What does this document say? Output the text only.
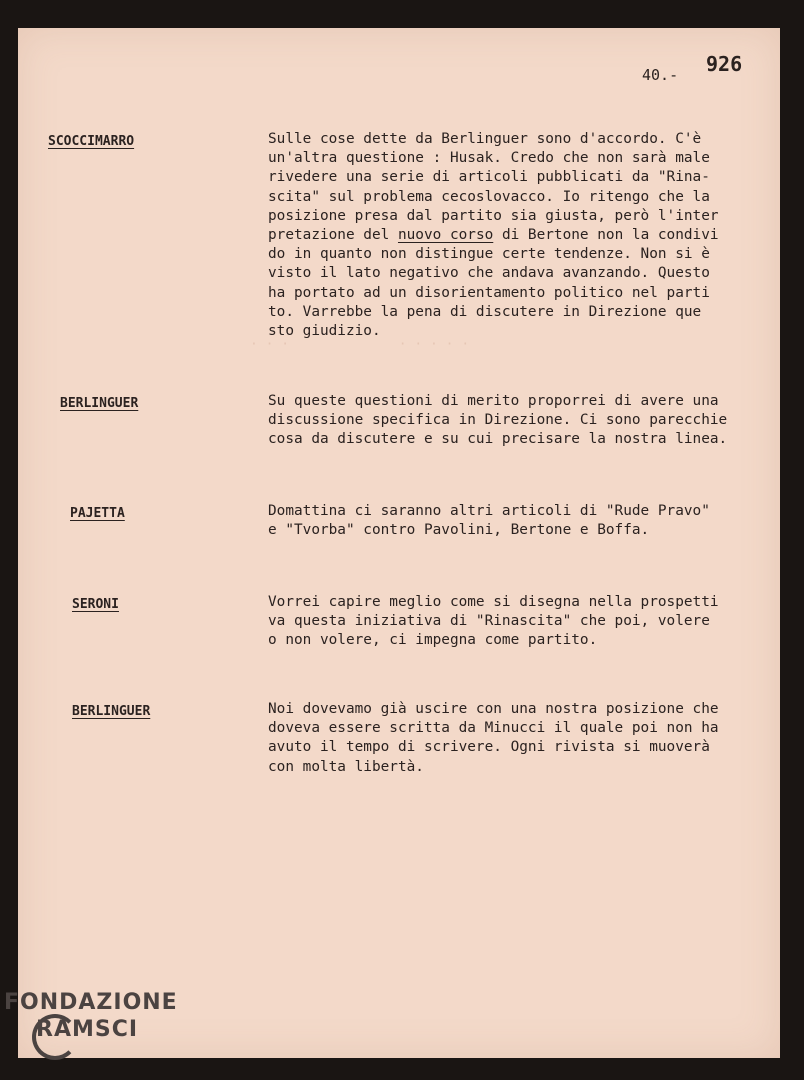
· · ·              · · · · ·
40.- 926
SCOCCIMARRO	Sulle cose dette da Berlinguer sono d'accordo. C'è
un'altra questione : Husak. Credo che non sarà male
rivedere una serie di articoli pubblicati da "Rina-
scita" sul problema cecoslovacco. Io ritengo che la
posizione presa dal partito sia giusta, però l'inter
pretazione del nuovo corso di Bertone non la condivi
do in quanto non distingue certe tendenze. Non si è
visto il lato negativo che andava avanzando. Questo
ha portato ad un disorientamento politico nel parti
to. Varrebbe la pena di discutere in Direzione que
sto giudizio.
BERLINGUER	Su queste questioni di merito proporrei di avere una
discussione specifica in Direzione. Ci sono parecchie
cosa da discutere e su cui precisare la nostra linea.
PAJETTA	Domattina ci saranno altri articoli di "Rude Pravo"
e "Tvorba" contro Pavolini, Bertone e Boffa.
SERONI	Vorrei capire meglio come si disegna nella prospetti
va questa iniziativa di "Rinascita" che poi, volere
o non volere, ci impegna come partito.
BERLINGUER	Noi dovevamo già uscire con una nostra posizione che
doveva essere scritta da Minucci il quale poi non ha
avuto il tempo di scrivere. Ogni rivista si muoverà
con molta libertà.
FONDAZIONE
RAMSCI
